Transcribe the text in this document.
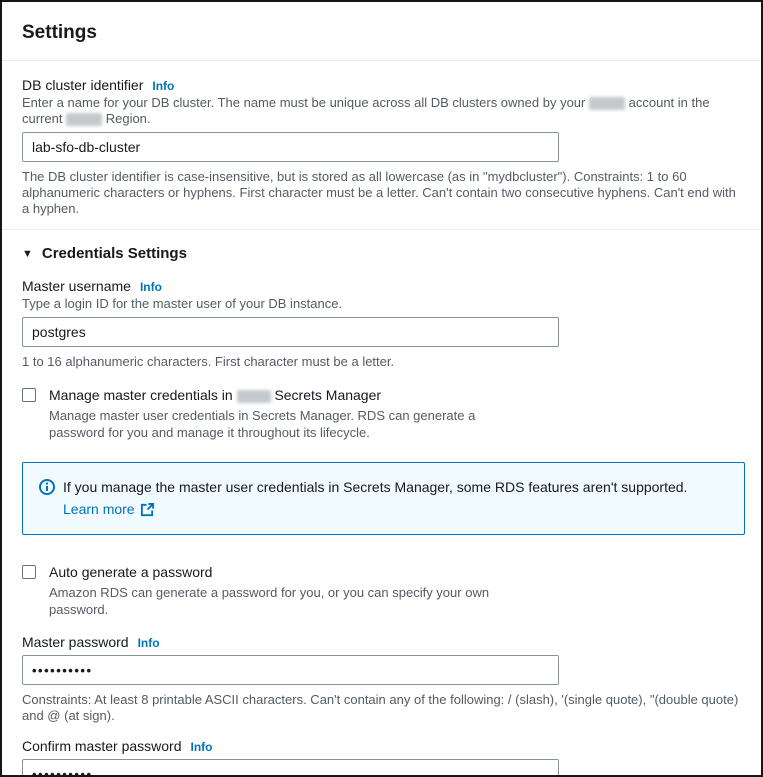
Settings
DB cluster identifier Info
Enter a name for your DB cluster. The name must be unique across all DB clusters owned by your	account in the current	Region.
lab-sfo-db-cluster
The DB cluster identifier is case-insensitive, but is stored as all lowercase (as in "mydbcluster"). Constraints: 1 to 60 alphanumeric characters or hyphens. First character must be a letter. Can't contain two consecutive hyphens. Can't end with a hyphen.
▼ Credentials Settings
Master username Info
Type a login ID for the master user of your DB instance.
postgres
1 to 16 alphanumeric characters. First character must be a letter.
Manage master credentials in	Secrets Manager
Manage master user credentials in Secrets Manager. RDS can generate a password for you and manage it throughout its lifecycle.
If you manage the master user credentials in Secrets Manager, some RDS features aren't supported.
Learn more
Auto generate a password
Amazon RDS can generate a password for you, or you can specify your own password.
Master password Info
••••••••••
Constraints: At least 8 printable ASCII characters. Can't contain any of the following: / (slash), '(single quote), "(double quote) and @ (at sign).
Confirm master password Info
••••••••••
